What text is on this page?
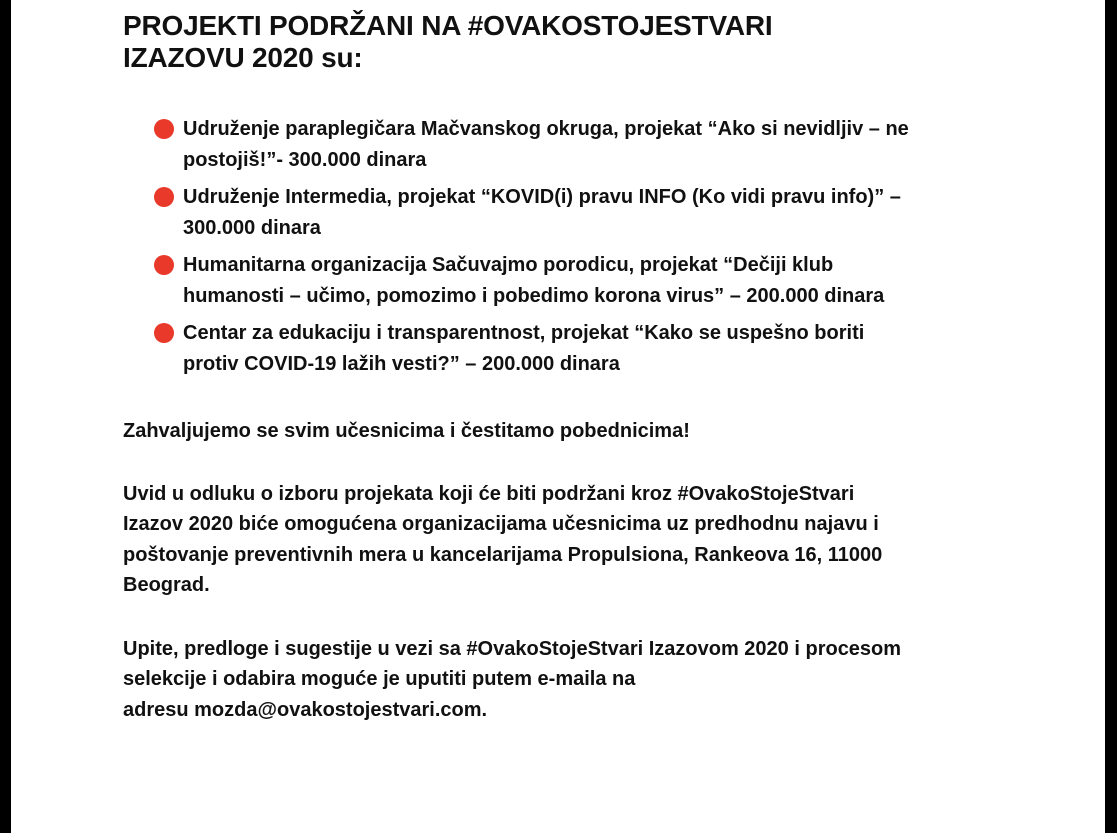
PROJEKTI PODRŽANI NA #OVAKOSTOJESTVARI
IZAZOVU 2020 su:
Udruženje paraplegičara Mačvanskog okruga, projekat “Ako si nevidljiv – ne
postojiš!”- 300.000 dinara
Udruženje Intermedia, projekat “KOVID(i) pravu INFO (Ko vidi pravu info)” –
300.000 dinara
Humanitarna organizacija Sačuvajmo porodicu, projekat “Dečiji klub
humanosti – učimo, pomozimo i pobedimo korona virus” – 200.000 dinara
Centar za edukaciju i transparentnost, projekat “Kako se uspešno boriti
protiv COVID-19 lažih vesti?” – 200.000 dinara

Zahvaljujemo se svim učesnicima i čestitamo pobednicima!

Uvid u odluku o izboru projekata koji će biti podržani kroz #OvakoStojeStvari
Izazov 2020 biće omogućena organizacijama učesnicima uz predhodnu najavu i
poštovanje preventivnih mera u kancelarijama Propulsiona, Rankeova 16, 11000
Beograd.

Upite, predloge i sugestije u vezi sa #OvakoStojeStvari Izazovom 2020 i procesom
selekcije i odabira moguće je uputiti putem e-maila na
adresu mozda@ovakostojestvari.com.
